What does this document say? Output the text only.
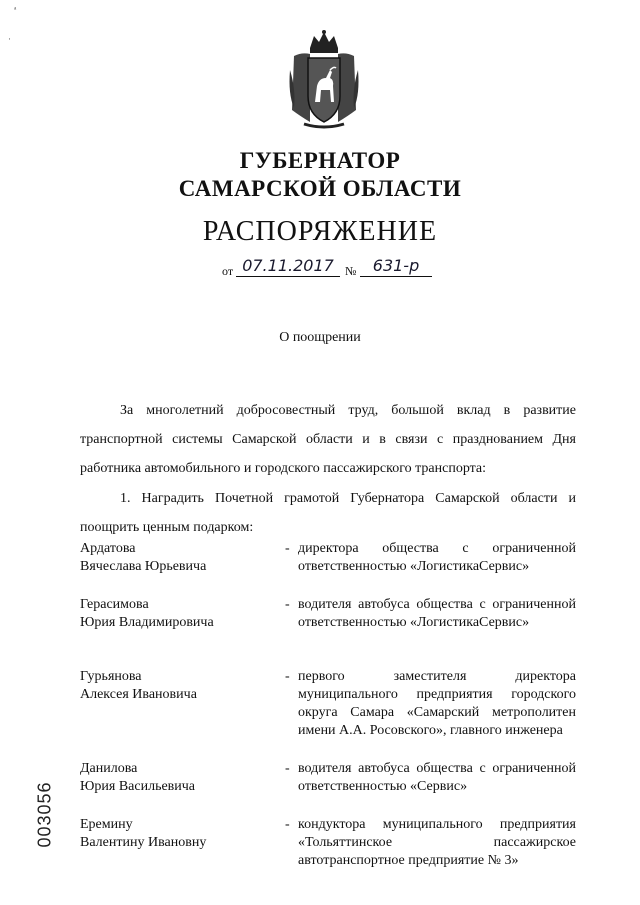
ГУБЕРНАТОР
САМАРСКОЙ ОБЛАСТИ
РАСПОРЯЖЕНИЕ
от 07.11.2017 №	631-р
О поощрении
За многолетний добросовестный труд, большой вклад в развитие транспортной системы Самарской области и в связи с празднованием Дня работника автомобильного и городского пассажирского транспорта:
1. Наградить Почетной грамотой Губернатора Самарской области и поощрить ценным подарком:
Ардатова
Вячеслава Юрьевича
- директора общества с ограниченной ответственностью «ЛогистикаСервис»
Герасимова
Юрия Владимировича
- водителя автобуса общества с ограниченной ответственностью «ЛогистикаСервис»
Гурьянова
Алексея Ивановича
- первого заместителя директора муниципального предприятия городского округа Самара «Самарский метрополитен имени А.А. Росовского», главного инженера
Данилова
Юрия Васильевича
- водителя автобуса общества с ограниченной ответственностью «Сервис»
Еремину
Валентину Ивановну
- кондуктора муниципального предприятия «Тольяттинское пассажирское автотранспортное предприятие № 3»
003056
ᵃ
·
